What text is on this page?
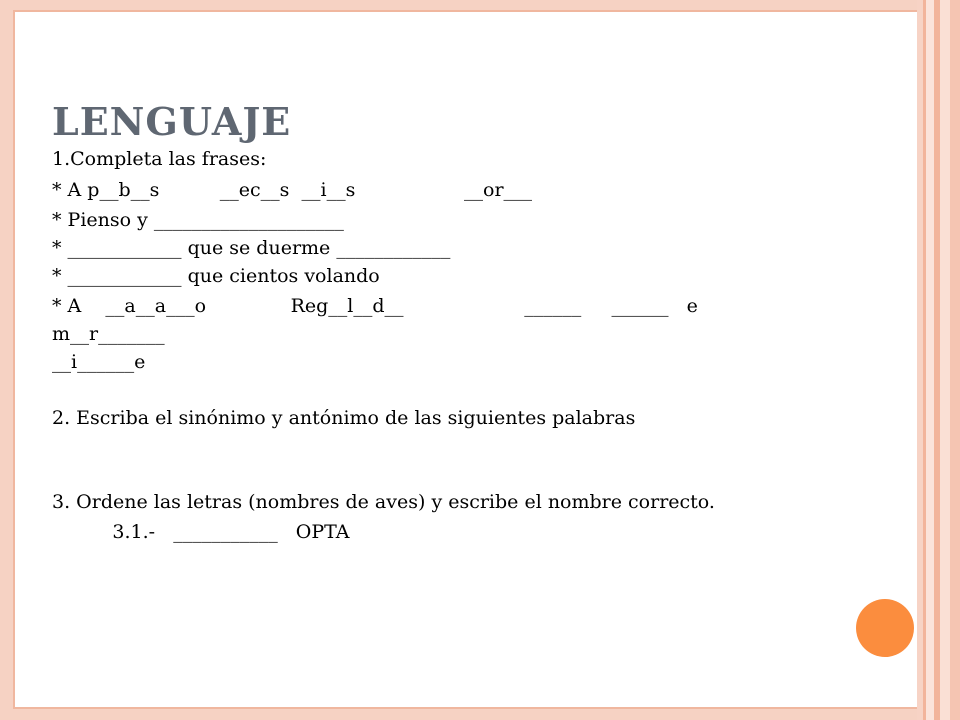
LENGUAJE
1.Completa las frases:
* A p__b__s          __ec__s  __i__s                  __or___
* Pienso y ____________________
* ____________ que se duerme ____________
* ____________ que cientos volando
* A    __a__a___o              Reg__l__d__                    ______     ______   e
m__r_______
__i______e
2. Escriba el sinónimo y antónimo de las siguientes palabras
3. Ordene las letras (nombres de aves) y escribe el nombre correcto.
3.1.-   ___________   OPTA
